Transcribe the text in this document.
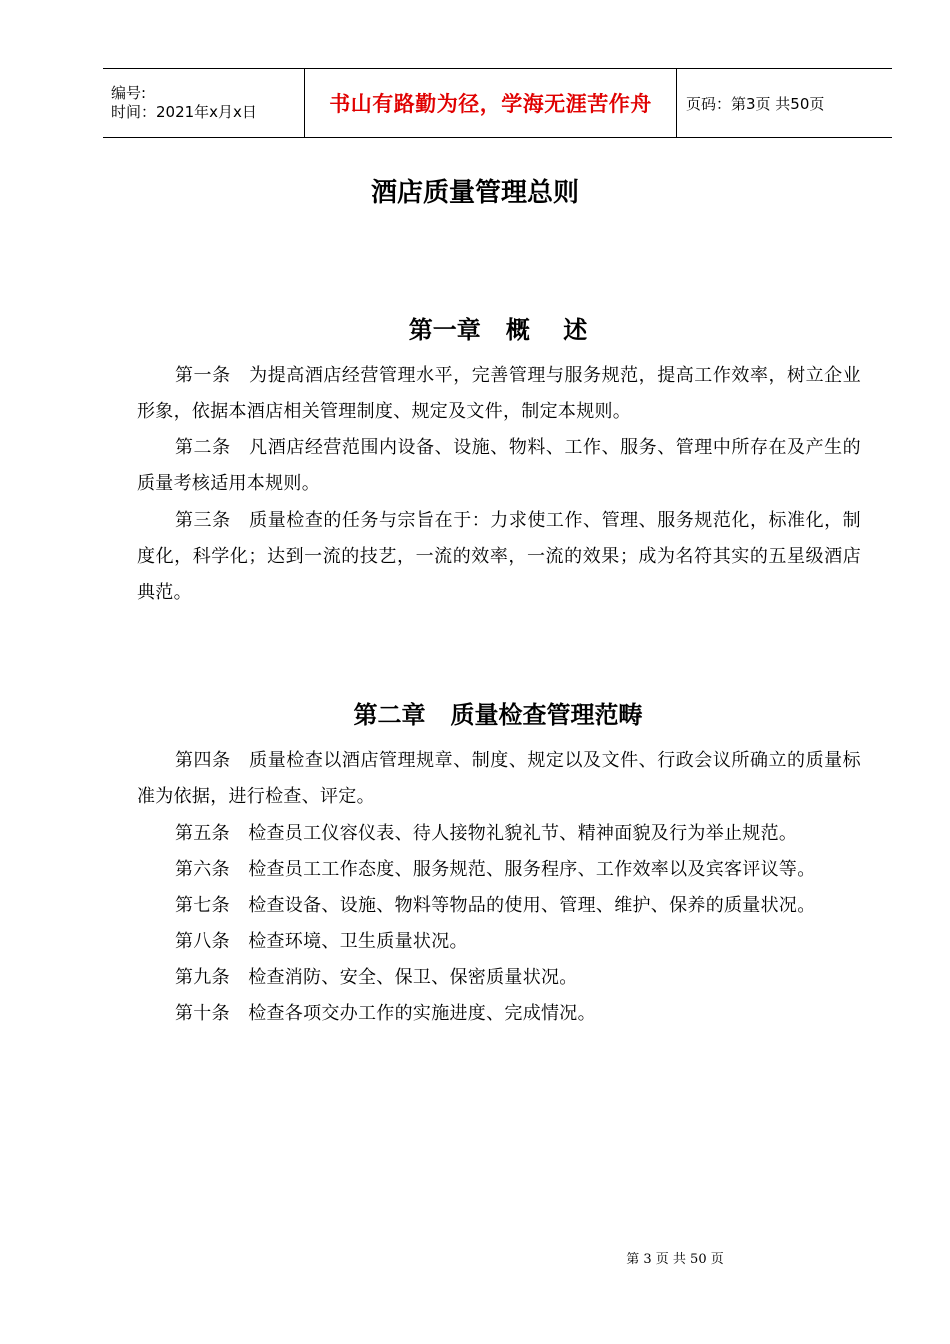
编号:
时间：2021年x月x日	书山有路勤为径，学海无涯苦作舟	页码：第3页 共50页
酒店质量管理总则
第一章   概    述
第一条　为提高酒店经营管理水平，完善管理与服务规范，提高工作效率，树立企业形象，依据本酒店相关管理制度、规定及文件，制定本规则。
第二条　凡酒店经营范围内设备、设施、物料、工作、服务、管理中所存在及产生的质量考核适用本规则。
第三条　质量检查的任务与宗旨在于：力求使工作、管理、服务规范化，标准化，制度化，科学化；达到一流的技艺，一流的效率，一流的效果；成为名符其实的五星级酒店典范。
第二章   质量检查管理范畴
第四条　质量检查以酒店管理规章、制度、规定以及文件、行政会议所确立的质量标准为依据，进行检查、评定。
第五条　检查员工仪容仪表、待人接物礼貌礼节、精神面貌及行为举止规范。
第六条　检查员工工作态度、服务规范、服务程序、工作效率以及宾客评议等。
第七条　检查设备、设施、物料等物品的使用、管理、维护、保养的质量状况。
第八条　检查环境、卫生质量状况。
第九条　检查消防、安全、保卫、保密质量状况。
第十条　检查各项交办工作的实施进度、完成情况。
第 3 页 共 50 页
